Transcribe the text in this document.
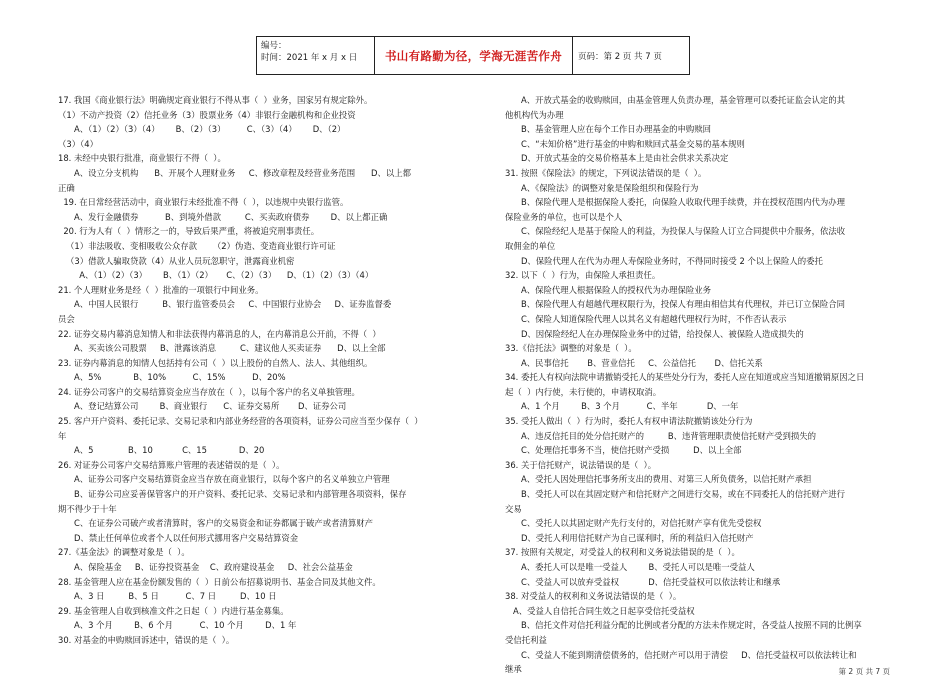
编号：
时间：2021 年 x 月 x 日	书山有路勤为径，学海无涯苦作舟	页码：第 2 页 共 7 页
17. 我国《商业银行法》明确规定商业银行不得从事（  ）业务，国家另有规定除外。
（1）不动产投资（2）信托业务（3）股票业务（4）非银行金融机构和企业投资
A、（1）（2）（3）（4）      B、（2）（3）        C、（3）（4）      D、（2）
（3）（4）
18. 未经中央银行批准，商业银行不得（  ）。
A、设立分支机构      B、开展个人理财业务     C、修改章程及经营业务范围      D、以上都
正确
19. 在日常经营活动中，商业银行未经批准不得（  ），以违规中央银行监管。
A、发行金融债券          B、到境外借款         C、买卖政府债券        D、以上都正确
20. 行为人有（  ）情形之一的，导致后果严重，将被追究刑事责任。
（1）非法吸收、变相吸收公众存款      （2）伪造、变造商业银行许可证
（3）借款人骗取贷款（4）从业人员玩忽职守，泄露商业机密
A、（1）（2）（3）      B、（1）（2）     C、（2）（3）    D、（1）（2）（3）（4）
21. 个人理财业务是经（  ）批准的一项银行中间业务。
A、中国人民银行         B、银行监管委员会     C、中国银行业协会     D、证券监督委
员会
22. 证券交易内幕消息知情人和非法获得内幕消息的人，在内幕消息公开前，不得（  ）
A、买卖该公司股票     B、泄露该消息         C、建议他人买卖证券      D、以上全部
23. 证券内幕消息的知情人包括持有公司（  ）以上股份的自然人、法人、其他组织。
A、5%            B、10%          C、15%          D、20%
24. 证券公司客户的交易结算资金应当存放在（  ），以每个客户的名义单独管理。
A、登记结算公司        B、商业银行      C、证券交易所       D、证券公司
25. 客户开户资料、委托记录、交易记录和内部业务经营的各项资料，证券公司应当至少保存（  ）
年
A、5             B、10           C、15            D、20
26. 对证券公司客户交易结算账户管理的表述错误的是（  ）。
A、证券公司客户交易结算资金应当存放在商业银行，以每个客户的名义单独立户管理
B、证券公司应妥善保管客户的开户资料、委托记录、交易记录和内部管理各项资料，保存
期不得少于十年
C、在证券公司破产或者清算时，客户的交易资金和证券都属于破产或者清算财产
D、禁止任何单位或者个人以任何形式挪用客户交易结算资金
27.《基金法》的调整对象是（  ）。
A、保险基金     B、证券投资基金    C、政府建设基金     D、社会公益基金
28. 基金管理人应在基金份额发售的（  ）日前公布招募说明书、基金合同及其他文件。
A、3 日         B、5 日          C、7 日         D、10 日
29. 基金管理人自收到核准文件之日起（  ）内进行基金募集。
A、3 个月        B、6 个月          C、10 个月        D、1 年
30. 对基金的申购赎回诉述中，错误的是（  ）。
A、开放式基金的收购赎回，由基金管理人负责办理，基金管理可以委托证监会认定的其
他机构代为办理
B、基金管理人应在每个工作日办理基金的申购赎回
C、“未知价格”进行基金的申购和赎回式基金交易的基本规则
D、开放式基金的交易价格基本上是由社会供求关系决定
31. 按照《保险法》的规定，下列说法错误的是（  ）。
A、《保险法》的调整对象是保险组织和保险行为
B、保险代理人是根据保险人委托，向保险人收取代理手续费，并在授权范围内代为办理
保险业务的单位，也可以是个人
C、保险经纪人是基于保险人的利益，为投保人与保险人订立合同提供中介服务，依法收
取佣金的单位
D、保险代理人在代为办理人寿保险业务时，不得同时接受 2 个以上保险人的委托
32. 以下（  ）行为，由保险人承担责任。
A、保险代理人根据保险人的授权代为办理保险业务
B、保险代理人有超越代理权限行为，投保人有理由相信其有代理权，并已订立保险合同
C、保险人知道保险代理人以其名义有超越代理权行为时，不作否认表示
D、因保险经纪人在办理保险业务中的过错，给投保人、被保险人造成损失的
33.《信托法》调整的对象是（  ）。
A、民事信托       B、营业信托     C、公益信托       D、信托关系
34. 委托人有权向法院申请撤销受托人的某些处分行为，委托人应在知道或应当知道撤销原因之日
起（  ）内行使，未行使的，申请权取消。
A、1 个月        B、3 个月          C、半年           D、一年
35. 受托人做出（  ）行为时，委托人有权申请法院撤销该处分行为
A、违反信托目的处分信托财产的         B、违背管理职责使信托财产受到损失的
C、处理信托事务不当，使信托财产受损         D、以上全部
36. 关于信托财产，说法错误的是（  ）。
A、受托人因处理信托事务所支出的费用、对第三人所负债务，以信托财产承担
B、受托人可以在其固定财产和信托财产之间进行交易，或在不同委托人的信托财产进行
交易
C、受托人以其固定财产先行支付的，对信托财产享有优先受偿权
D、受托人利用信托财产为自己谋利时，所的利益归入信托财产
37. 按照有关规定，对受益人的权利和义务说法错误的是（  ）。
A、委托人可以是唯一受益人        B、受托人可以是唯一受益人
C、受益人可以放弃受益权           D、信托受益权可以依法转让和继承
38. 对受益人的权利和义务说法错误的是（  ）。
A、受益人自信托合同生效之日起享受信托受益权
B、信托文件对信托利益分配的比例或者分配的方法未作规定时，各受益人按照不同的比例享
受信托利益
C、受益人不能到期清偿债务的，信托财产可以用于清偿     D、信托受益权可以依法转让和
继承	第 2 页 共 7 页
